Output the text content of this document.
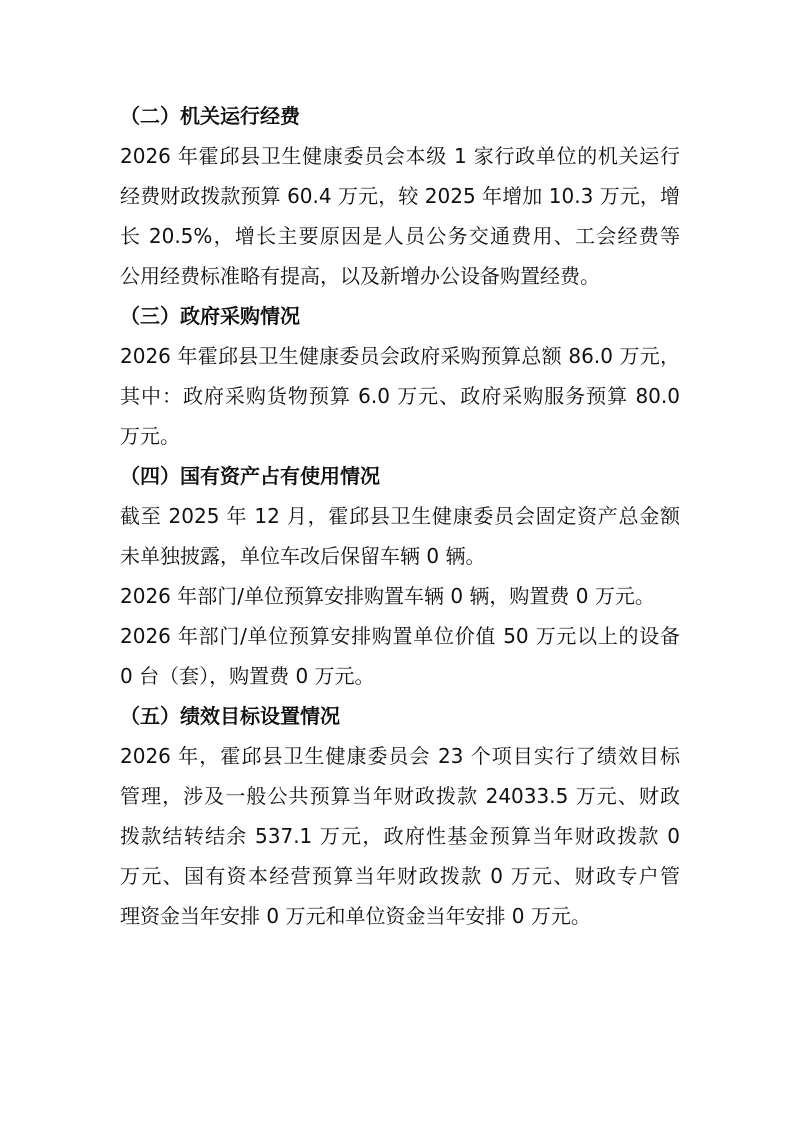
（二）机关运行经费

2026 年霍邱县卫生健康委员会本级 1 家行政单位的机关运行
经费财政拨款预算 60.4 万元，较 2025 年增加 10.3 万元，增
长 20.5%，增长主要原因是人员公务交通费用、工会经费等
公用经费标准略有提高，以及新增办公设备购置经费。

（三）政府采购情况

2026 年霍邱县卫生健康委员会政府采购预算总额 86.0 万元，
其中：政府采购货物预算 6.0 万元、政府采购服务预算 80.0
万元。

（四）国有资产占有使用情况

截至 2025 年 12 月，霍邱县卫生健康委员会固定资产总金额
未单独披露，单位车改后保留车辆 0 辆。

2026 年部门/单位预算安排购置车辆 0 辆，购置费 0 万元。

2026 年部门/单位预算安排购置单位价值 50 万元以上的设备
0 台（套），购置费 0 万元。

（五）绩效目标设置情况

2026 年，霍邱县卫生健康委员会 23 个项目实行了绩效目标
管理，涉及一般公共预算当年财政拨款 24033.5 万元、财政
拨款结转结余 537.1 万元，政府性基金预算当年财政拨款 0
万元、国有资本经营预算当年财政拨款 0 万元、财政专户管
理资金当年安排 0 万元和单位资金当年安排 0 万元。
